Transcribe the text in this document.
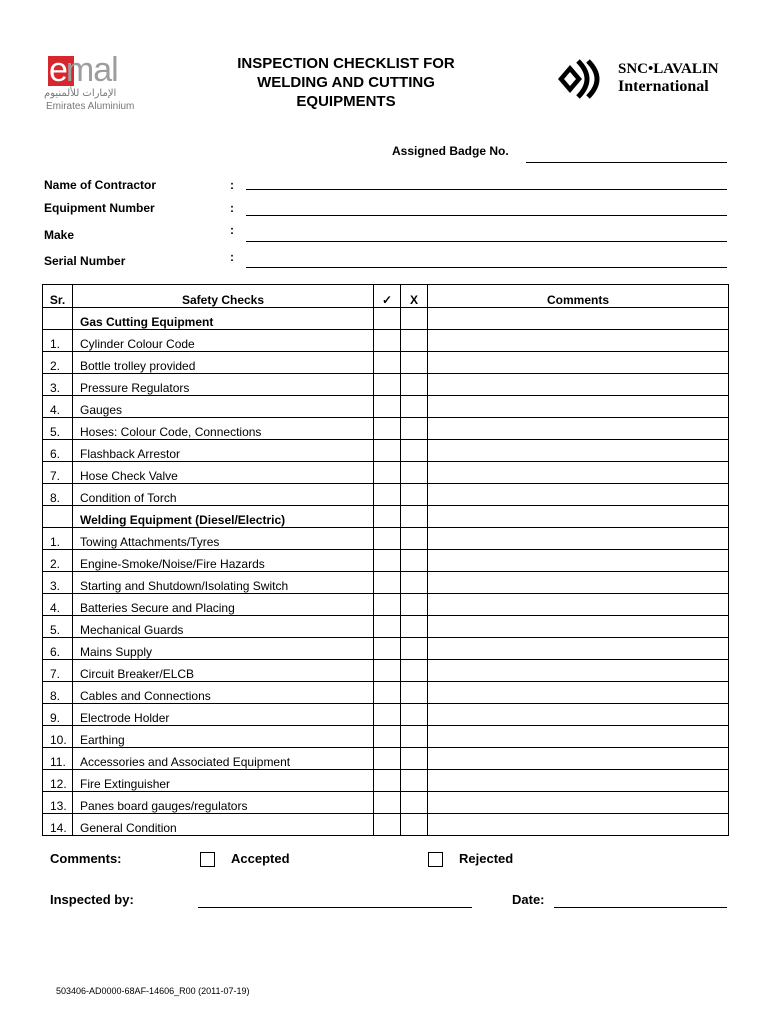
emal
الإمارات للألمنيوم
Emirates Aluminium
INSPECTION CHECKLIST FOR
WELDING AND CUTTING
EQUIPMENTS
SNC•LAVALIN
International
Assigned Badge No.
Name of Contractor	:
Equipment Number	:
Make	:
Serial Number	:
Sr.	Safety Checks	✓	X	Comments
	Gas Cutting Equipment			
1.	Cylinder Colour Code			
2.	Bottle trolley provided			
3.	Pressure Regulators			
4.	Gauges			
5.	Hoses: Colour Code, Connections			
6.	Flashback Arrestor			
7.	Hose Check Valve			
8.	Condition of Torch			
	Welding Equipment (Diesel/Electric)			
1.	Towing Attachments/Tyres			
2.	Engine-Smoke/Noise/Fire Hazards			
3.	Starting and Shutdown/Isolating Switch			
4.	Batteries Secure and Placing			
5.	Mechanical Guards			
6.	Mains Supply			
7.	Circuit Breaker/ELCB			
8.	Cables and Connections			
9.	Electrode Holder			
10.	Earthing			
11.	Accessories and Associated Equipment			
12.	Fire Extinguisher			
13.	Panes board gauges/regulators			
14.	General Condition			
Comments:	Accepted	Rejected
Inspected by:	Date:
503406-AD0000-68AF-14606_R00 (2011-07-19)
